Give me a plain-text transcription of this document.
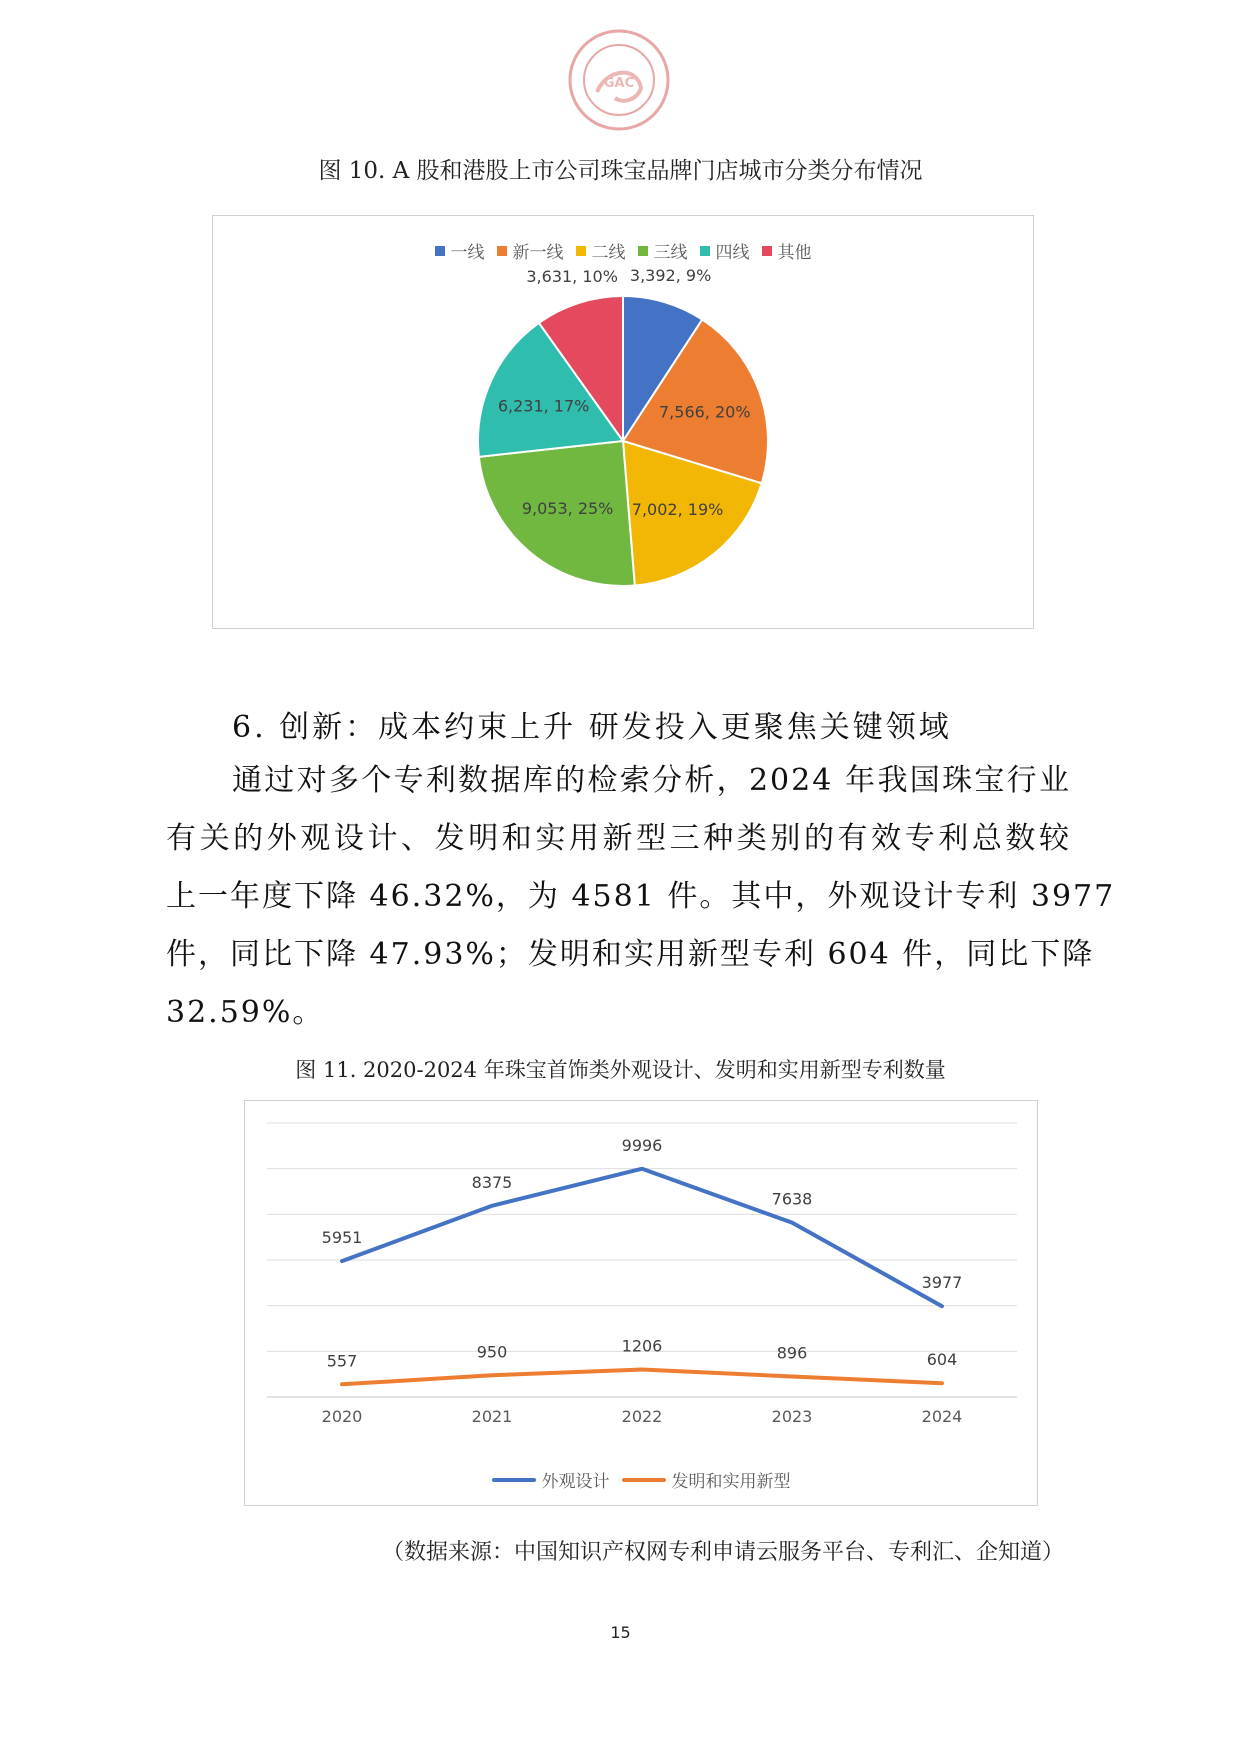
GAC
图 10. A 股和港股上市公司珠宝品牌门店城市分类分布情况
一线 新一线 二线 三线 四线 其他
3,392, 9%
7,566, 20%
7,002, 19%
9,053, 25%
6,231, 17%
3,631, 10%
6. 创新：成本约束上升 研发投入更聚焦关键领域
通过对多个专利数据库的检索分析，2024 年我国珠宝行业
有关的外观设计、发明和实用新型三种类别的有效专利总数较
上一年度下降 46.32%，为 4581 件。其中，外观设计专利 3977
件，同比下降 47.93%；发明和实用新型专利 604 件，同比下降
32.59%。
图 11. 2020-2024 年珠宝首饰类外观设计、发明和实用新型专利数量
2020	2021	2022	2023	2024
5951
8375
9996
7638
3977
557	950	1206	896	604
外观设计	发明和实用新型
（数据来源：中国知识产权网专利申请云服务平台、专利汇、企知道）
15
